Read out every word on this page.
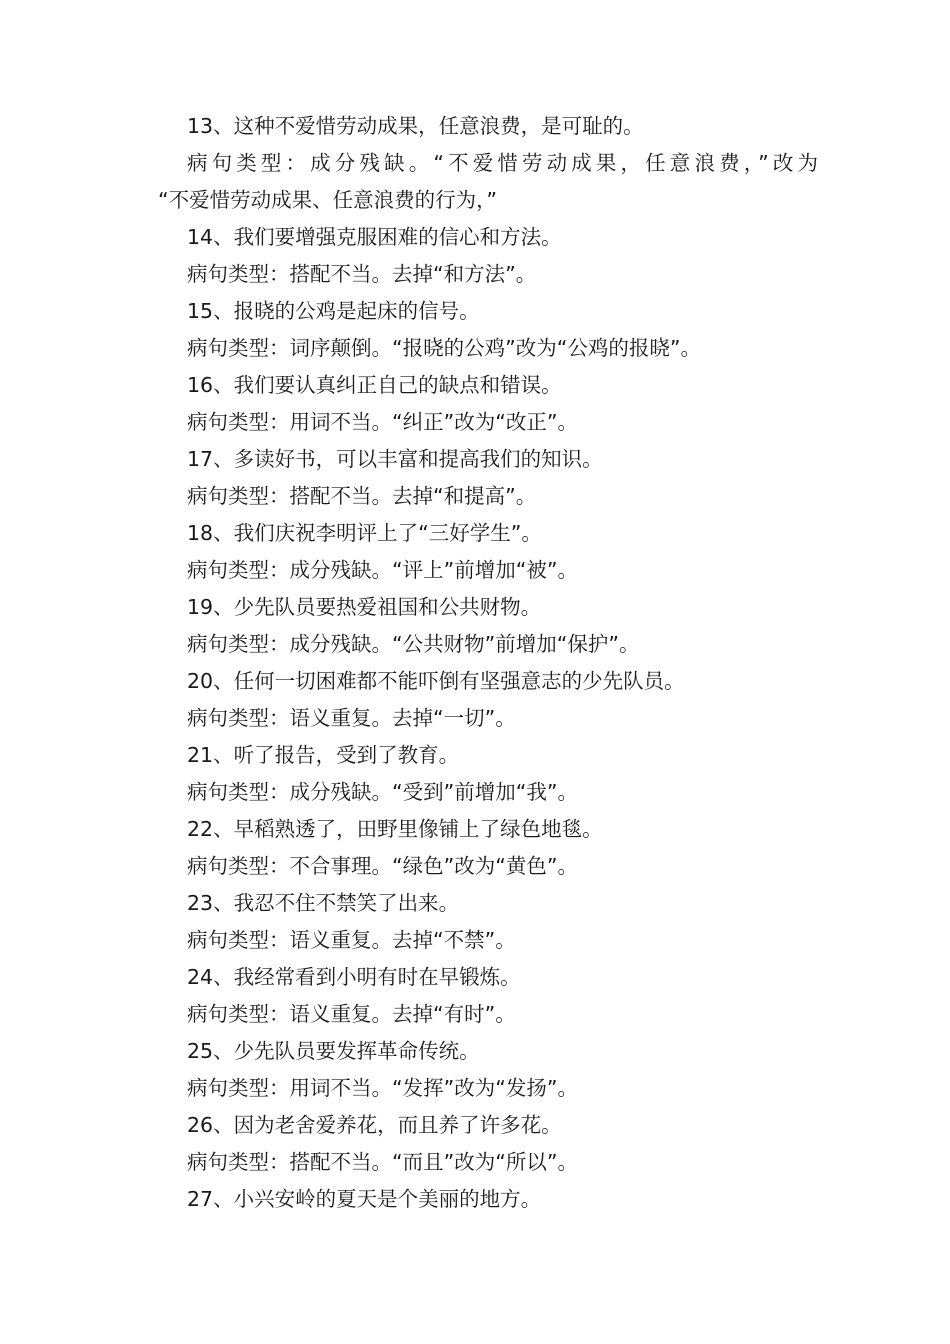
13、这种不爱惜劳动成果，任意浪费，是可耻的。
病句类型：成分残缺。“不爱惜劳动成果，任意浪费，”改为
“不爱惜劳动成果、任意浪费的行为，”
14、我们要增强克服困难的信心和方法。
病句类型：搭配不当。去掉“和方法”。
15、报晓的公鸡是起床的信号。
病句类型：词序颠倒。“报晓的公鸡”改为“公鸡的报晓”。
16、我们要认真纠正自己的缺点和错误。
病句类型：用词不当。“纠正”改为“改正”。
17、多读好书，可以丰富和提高我们的知识。
病句类型：搭配不当。去掉“和提高”。
18、我们庆祝李明评上了“三好学生”。
病句类型：成分残缺。“评上”前增加“被”。
19、少先队员要热爱祖国和公共财物。
病句类型：成分残缺。“公共财物”前增加“保护”。
20、任何一切困难都不能吓倒有坚强意志的少先队员。
病句类型：语义重复。去掉“一切”。
21、听了报告，受到了教育。
病句类型：成分残缺。“受到”前增加“我”。
22、早稻熟透了，田野里像铺上了绿色地毯。
病句类型：不合事理。“绿色”改为“黄色”。
23、我忍不住不禁笑了出来。
病句类型：语义重复。去掉“不禁”。
24、我经常看到小明有时在早锻炼。
病句类型：语义重复。去掉“有时”。
25、少先队员要发挥革命传统。
病句类型：用词不当。“发挥”改为“发扬”。
26、因为老舍爱养花，而且养了许多花。
病句类型：搭配不当。“而且”改为“所以”。
27、小兴安岭的夏天是个美丽的地方。
